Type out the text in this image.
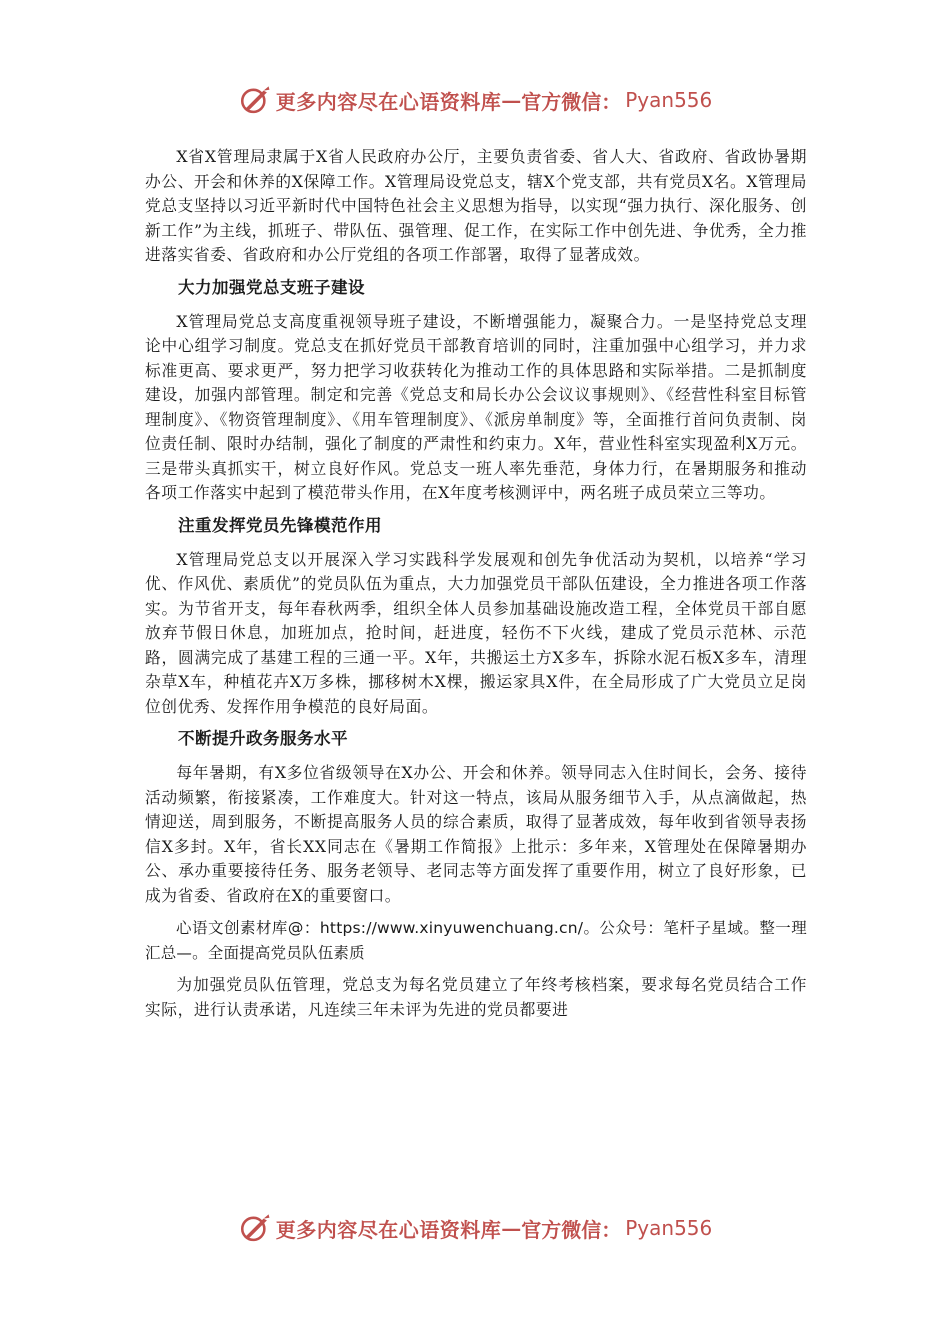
更多内容尽在心语资料库 — 官方微信： Pyan556

X省X管理局隶属于X省人民政府办公厅，主要负责省委、省人大、省政府、省政协暑期办公、开会和休养的X保障工作。X管理局设党总支，辖X个党支部，共有党员X名。X管理局党总支坚持以习近平新时代中国特色社会主义思想为指导，以实现“强力执行、深化服务、创新工作”为主线，抓班子、带队伍、强管理、促工作，在实际工作中创先进、争优秀，全力推进落实省委、省政府和办公厅党组的各项工作部署，取得了显著成效。

大力加强党总支班子建设

X管理局党总支高度重视领导班子建设，不断增强能力，凝聚合力。一是坚持党总支理论中心组学习制度。党总支在抓好党员干部教育培训的同时，注重加强中心组学习，并力求标准更高、要求更严，努力把学习收获转化为推动工作的具体思路和实际举措。二是抓制度建设，加强内部管理。制定和完善《党总支和局长办公会议议事规则》、《经营性科室目标管理制度》、《物资管理制度》、《用车管理制度》、《派房单制度》等，全面推行首问负责制、岗位责任制、限时办结制，强化了制度的严肃性和约束力。X年，营业性科室实现盈利X万元。三是带头真抓实干，树立良好作风。党总支一班人率先垂范，身体力行，在暑期服务和推动各项工作落实中起到了模范带头作用，在X年度考核测评中，两名班子成员荣立三等功。

注重发挥党员先锋模范作用

X管理局党总支以开展深入学习实践科学发展观和创先争优活动为契机，以培养“学习优、作风优、素质优”的党员队伍为重点，大力加强党员干部队伍建设，全力推进各项工作落实。为节省开支，每年春秋两季，组织全体人员参加基础设施改造工程，全体党员干部自愿放弃节假日休息，加班加点，抢时间，赶进度，轻伤不下火线，建成了党员示范林、示范路，圆满完成了基建工程的三通一平。X年，共搬运土方X多车，拆除水泥石板X多车，清理杂草X车，种植花卉X万多株，挪移树木X棵，搬运家具X件，在全局形成了广大党员立足岗位创优秀、发挥作用争模范的良好局面。

不断提升政务服务水平

每年暑期，有X多位省级领导在X办公、开会和休养。领导同志入住时间长，会务、接待活动频繁，衔接紧凑，工作难度大。针对这一特点，该局从服务细节入手，从点滴做起，热情迎送，周到服务，不断提高服务人员的综合素质，取得了显著成效，每年收到省领导表扬信X多封。X年，省长XX同志在《暑期工作简报》上批示：多年来，X管理处在保障暑期办公、承办重要接待任务、服务老领导、老同志等方面发挥了重要作用，树立了良好形象，已成为省委、省政府在X的重要窗口。

心语文创素材库@：https://www.xinyuwenchuang.cn/。公众号：笔杆子星域。整一理汇总—。全面提高党员队伍素质

为加强党员队伍管理，党总支为每名党员建立了年终考核档案，要求每名党员结合工作实际，进行认责承诺，凡连续三年未评为先进的党员都要进

更多内容尽在心语资料库 — 官方微信： Pyan556
